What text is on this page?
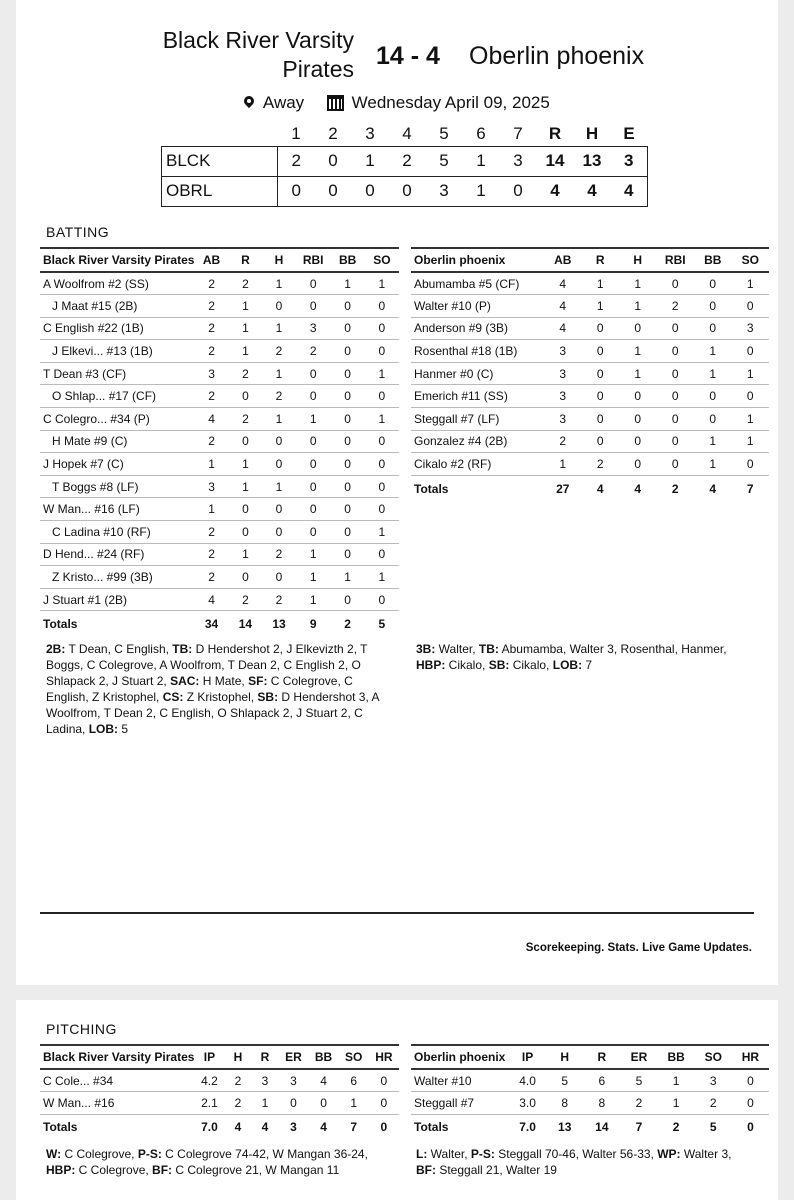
Black River Varsity
Pirates 14 - 4 Oberlin phoenix
Away	Wednesday April 09, 2025
	1	2	3	4	5	6	7	R	H	E
BLCK	2	0	1	2	5	1	3	14	13	3
OBRL	0	0	0	0	3	1	0	4	4	4
BATTING
Black River Varsity Pirates	AB	R	H	RBI	BB	SO
A Woolfrom #2 (SS)	2	2	1	0	1	1
J Maat #15 (2B)	2	1	0	0	0	0
C English #22 (1B)	2	1	1	3	0	0
J Elkevi... #13 (1B)	2	1	2	2	0	0
T Dean #3 (CF)	3	2	1	0	0	1
O Shlap... #17 (CF)	2	0	2	0	0	0
C Colegro... #34 (P)	4	2	1	1	0	1
H Mate #9 (C)	2	0	0	0	0	0
J Hopek #7 (C)	1	1	0	0	0	0
T Boggs #8 (LF)	3	1	1	0	0	0
W Man... #16 (LF)	1	0	0	0	0	0
C Ladina #10 (RF)	2	0	0	0	0	1
D Hend... #24 (RF)	2	1	2	1	0	0
Z Kristo... #99 (3B)	2	0	0	1	1	1
J Stuart #1 (2B)	4	2	2	1	0	0
Totals	34	14	13	9	2	5
Oberlin phoenix	AB	R	H	RBI	BB	SO
Abumamba #5 (CF)	4	1	1	0	0	1
Walter #10 (P)	4	1	1	2	0	0
Anderson #9 (3B)	4	0	0	0	0	3
Rosenthal #18 (1B)	3	0	1	0	1	0
Hanmer #0 (C)	3	0	1	0	1	1
Emerich #11 (SS)	3	0	0	0	0	0
Steggall #7 (LF)	3	0	0	0	0	1
Gonzalez #4 (2B)	2	0	0	0	1	1
Cikalo #2 (RF)	1	2	0	0	1	0
Totals	27	4	4	2	4	7
2B: T Dean, C English, TB: D Hendershot 2, J Elkevizth 2, T Boggs, C Colegrove, A Woolfrom, T Dean 2, C English 2, O Shlapack 2, J Stuart 2, SAC: H Mate, SF: C Colegrove, C English, Z Kristophel, CS: Z Kristophel, SB: D Hendershot 3, A Woolfrom, T Dean 2, C English, O Shlapack 2, J Stuart 2, C Ladina, LOB: 5
3B: Walter, TB: Abumamba, Walter 3, Rosenthal, Hanmer, HBP: Cikalo, SB: Cikalo, LOB: 7
Scorekeeping. Stats. Live Game Updates.
PITCHING
Black River Varsity Pirates	IP	H	R	ER	BB	SO	HR
C Cole... #34	4.2	2	3	3	4	6	0
W Man... #16	2.1	2	1	0	0	1	0
Totals	7.0	4	4	3	4	7	0
Oberlin phoenix	IP	H	R	ER	BB	SO	HR
Walter #10	4.0	5	6	5	1	3	0
Steggall #7	3.0	8	8	2	1	2	0
Totals	7.0	13	14	7	2	5	0
W: C Colegrove, P-S: C Colegrove 74-42, W Mangan 36-24, HBP: C Colegrove, BF: C Colegrove 21, W Mangan 11
L: Walter, P-S: Steggall 70-46, Walter 56-33, WP: Walter 3, BF: Steggall 21, Walter 19
